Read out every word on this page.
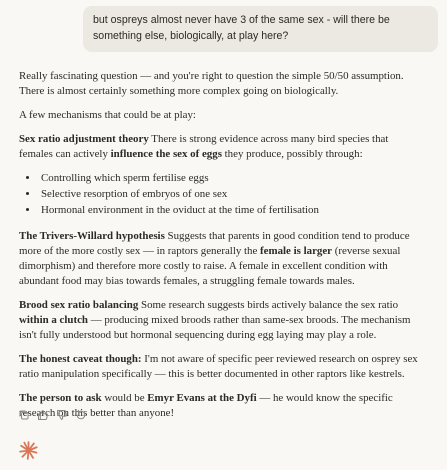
but ospreys almost never have 3 of the same sex - will there be something else, biologically, at play here?

Really fascinating question — and you're right to question the simple 50/50 assumption. There is almost certainly something more complex going on biologically.

A few mechanisms that could be at play:

Sex ratio adjustment theory There is strong evidence across many bird species that females can actively influence the sex of eggs they produce, possibly through:

• Controlling which sperm fertilise eggs
• Selective resorption of embryos of one sex
• Hormonal environment in the oviduct at the time of fertilisation

The Trivers-Willard hypothesis Suggests that parents in good condition tend to produce more of the more costly sex — in raptors generally the female is larger (reverse sexual dimorphism) and therefore more costly to raise. A female in excellent condition with abundant food may bias towards females, a struggling female towards males.

Brood sex ratio balancing Some research suggests birds actively balance the sex ratio within a clutch — producing mixed broods rather than same-sex broods. The mechanism isn't fully understood but hormonal sequencing during egg laying may play a role.

The honest caveat though: I'm not aware of specific peer reviewed research on osprey sex ratio manipulation specifically — this is better documented in other raptors like kestrels.

The person to ask would be Emyr Evans at the Dyfi — he would know the specific research on this better than anyone!
